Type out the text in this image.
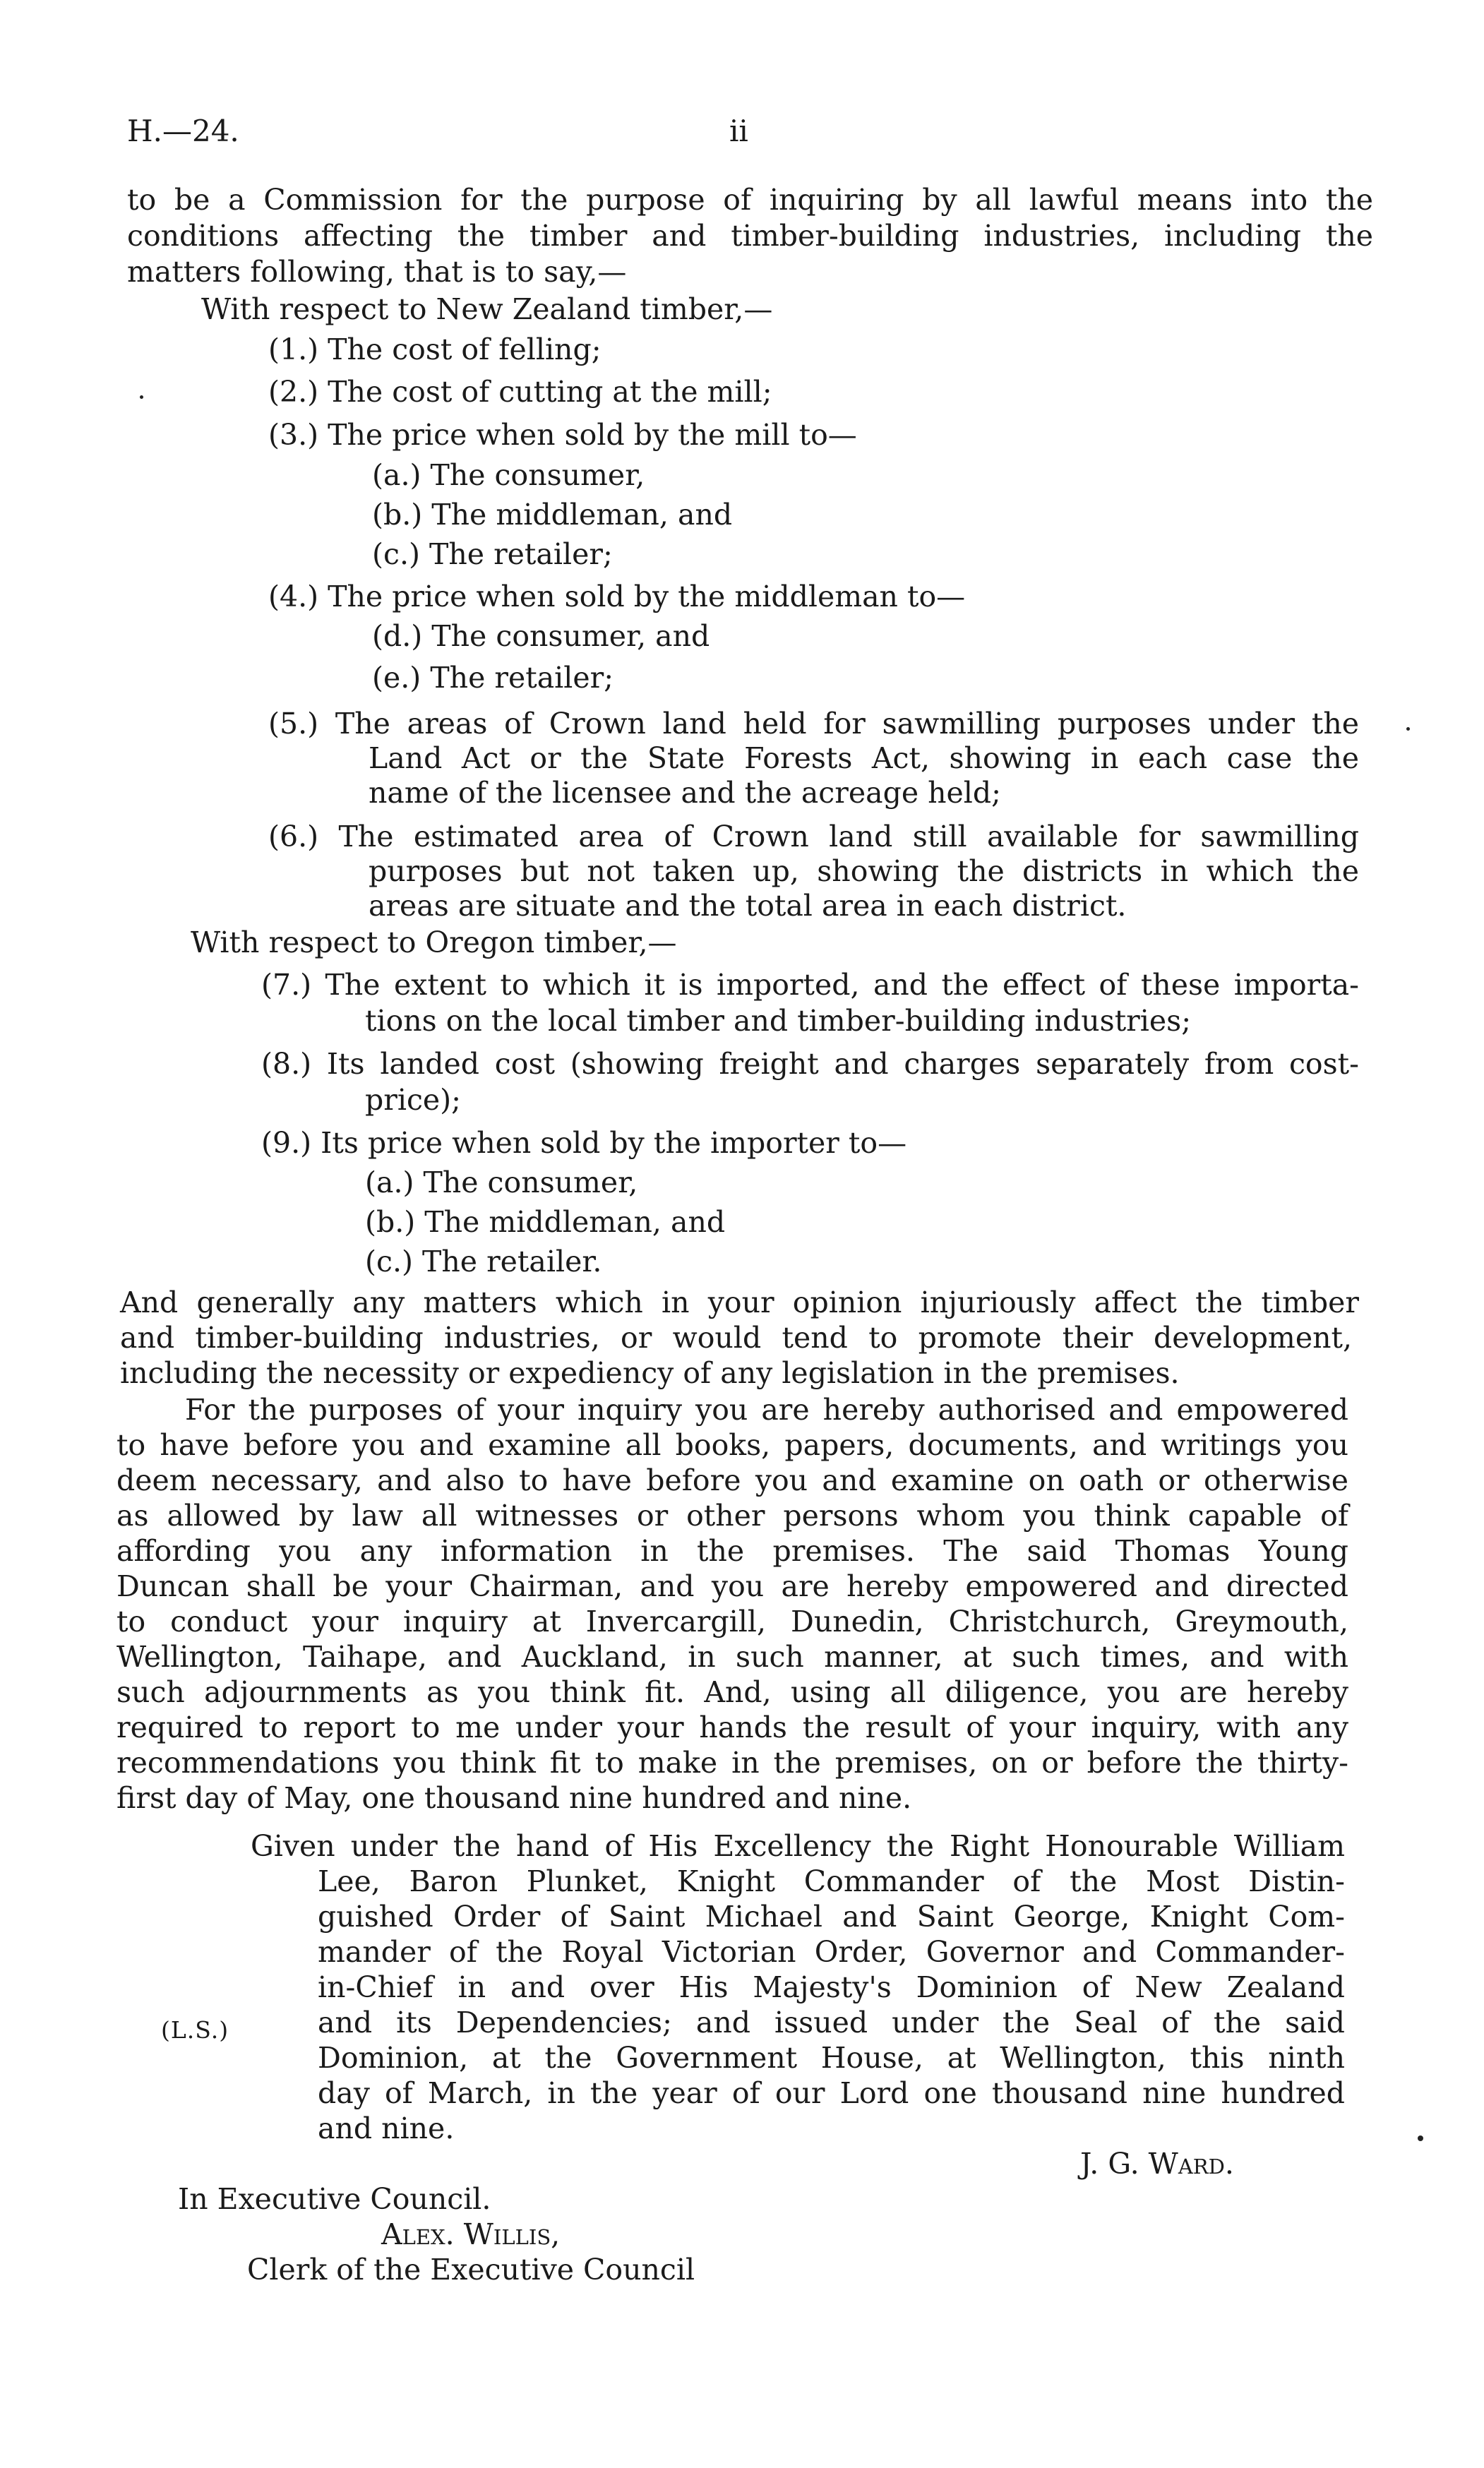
H.—24.	ii
to be a Commission for the purpose of inquiring by all lawful means into the
conditions affecting the timber and timber-building industries, including the
matters following, that is to say,—
With respect to New Zealand timber,—
(1.) The cost of felling;
(2.) The cost of cutting at the mill;
(3.) The price when sold by the mill to—
(a.) The consumer,
(b.) The middleman, and
(c.) The retailer;
(4.) The price when sold by the middleman to—
(d.) The consumer, and
(e.) The retailer;
(5.) The areas of Crown land held for sawmilling purposes under the
Land Act or the State Forests Act, showing in each case the
name of the licensee and the acreage held;
(6.) The estimated area of Crown land still available for sawmilling
purposes but not taken up, showing the districts in which the
areas are situate and the total area in each district.
With respect to Oregon timber,—
(7.) The extent to which it is imported, and the effect of these importa-
tions on the local timber and timber-building industries;
(8.) Its landed cost (showing freight and charges separately from cost-
price);
(9.) Its price when sold by the importer to—
(a.) The consumer,
(b.) The middleman, and
(c.) The retailer.
And generally any matters which in your opinion injuriously affect the timber
and timber-building industries, or would tend to promote their development,
including the necessity or expediency of any legislation in the premises.
For the purposes of your inquiry you are hereby authorised and empowered
to have before you and examine all books, papers, documents, and writings you
deem necessary, and also to have before you and examine on oath or otherwise
as allowed by law all witnesses or other persons whom you think capable of
affording you any information in the premises. The said Thomas Young
Duncan shall be your Chairman, and you are hereby empowered and directed
to conduct your inquiry at Invercargill, Dunedin, Christchurch, Greymouth,
Wellington, Taihape, and Auckland, in such manner, at such times, and with
such adjournments as you think fit. And, using all diligence, you are hereby
required to report to me under your hands the result of your inquiry, with any
recommendations you think fit to make in the premises, on or before the thirty-
first day of May, one thousand nine hundred and nine.
Given under the hand of His Excellency the Right Honourable William
Lee, Baron Plunket, Knight Commander of the Most Distin-
guished Order of Saint Michael and Saint George, Knight Com-
mander of the Royal Victorian Order, Governor and Commander-
in-Chief in and over His Majesty's Dominion of New Zealand
and its Dependencies; and issued under the Seal of the said
Dominion, at the Government House, at Wellington, this ninth
day of March, in the year of our Lord one thousand nine hundred
and nine.
(L.S.)
J. G. Ward.
In Executive Council.
Alex. Willis,
Clerk of the Executive Council
